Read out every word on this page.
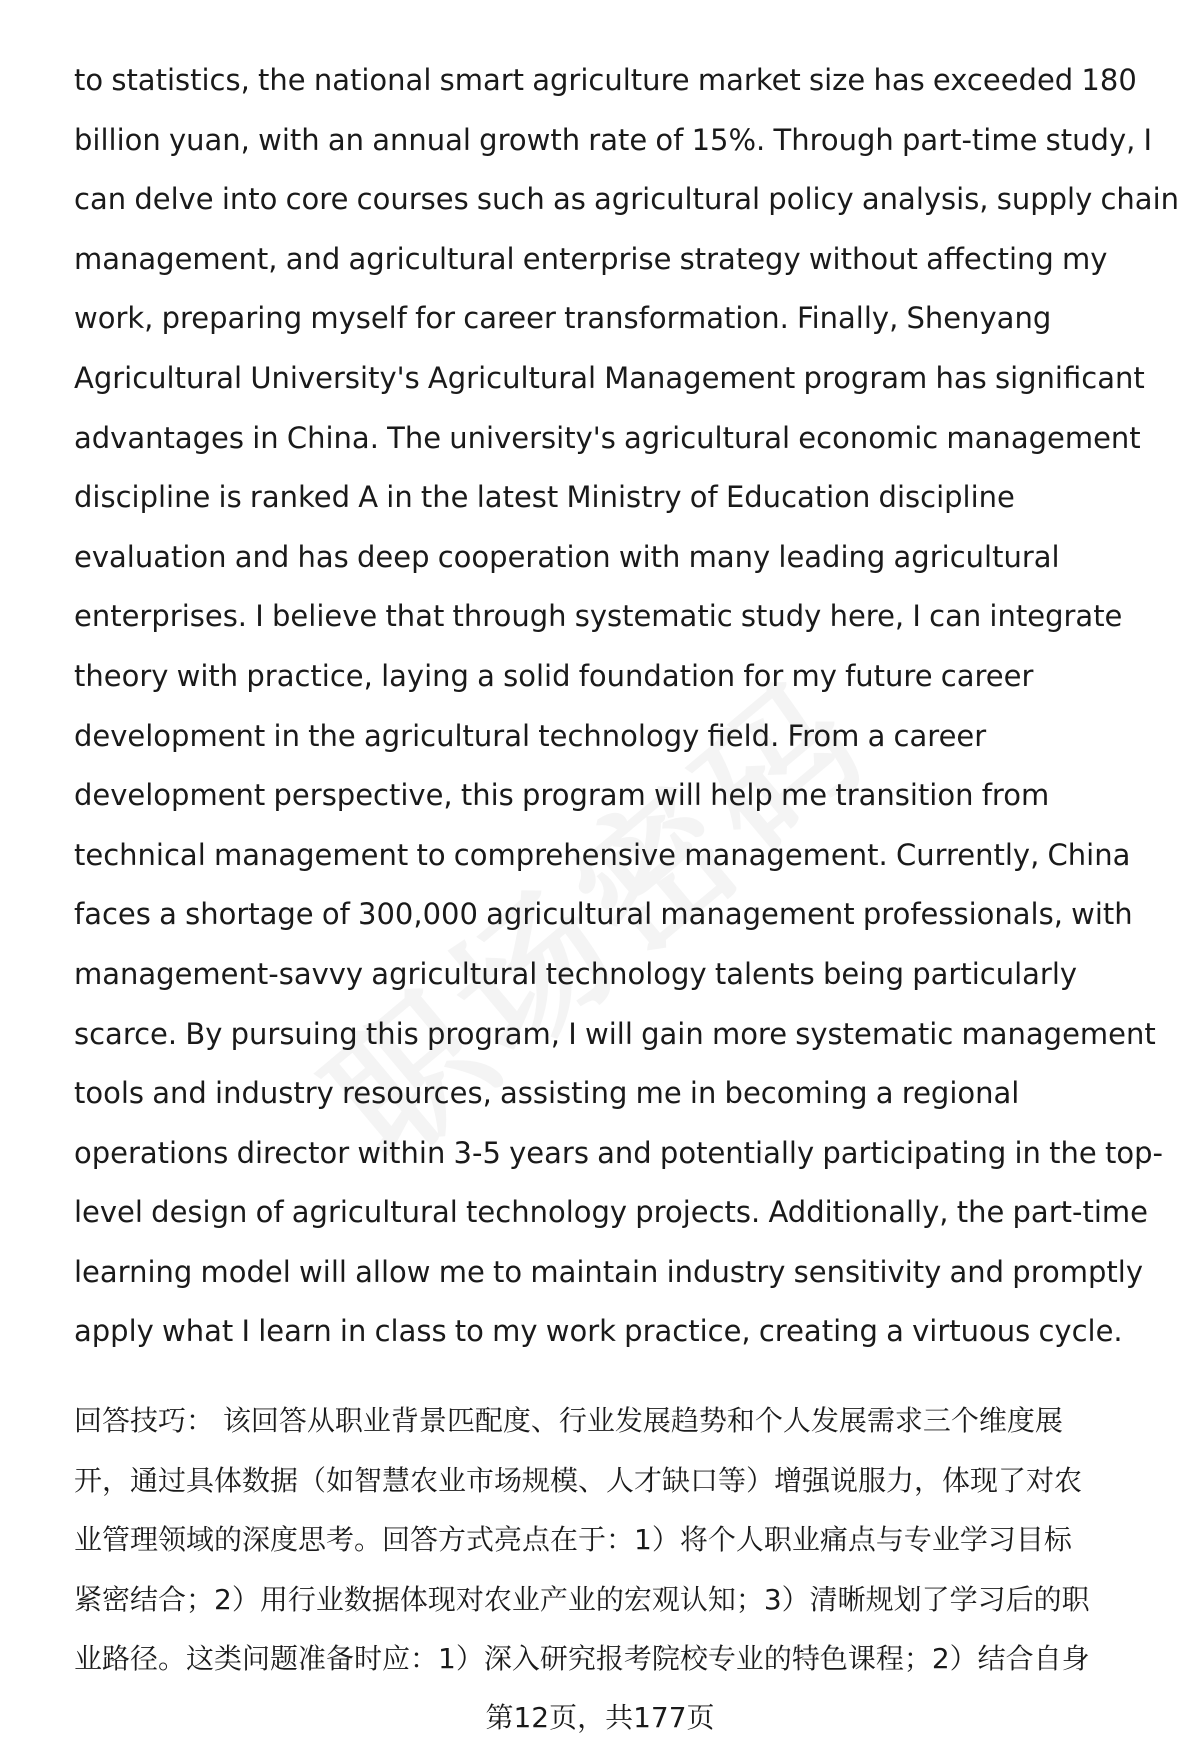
to statistics, the national smart agriculture market size has exceeded 180
billion yuan, with an annual growth rate of 15%. Through part-time study, I
can delve into core courses such as agricultural policy analysis, supply chain
management, and agricultural enterprise strategy without affecting my
work, preparing myself for career transformation. Finally, Shenyang
Agricultural University's Agricultural Management program has significant
advantages in China. The university's agricultural economic management
discipline is ranked A in the latest Ministry of Education discipline
evaluation and has deep cooperation with many leading agricultural
enterprises. I believe that through systematic study here, I can integrate
theory with practice, laying a solid foundation for my future career
development in the agricultural technology field. From a career
development perspective, this program will help me transition from
technical management to comprehensive management. Currently, China
faces a shortage of 300,000 agricultural management professionals, with
management-savvy agricultural technology talents being particularly
scarce. By pursuing this program, I will gain more systematic management
tools and industry resources, assisting me in becoming a regional
operations director within 3-5 years and potentially participating in the top-
level design of agricultural technology projects. Additionally, the part-time
learning model will allow me to maintain industry sensitivity and promptly
apply what I learn in class to my work practice, creating a virtuous cycle.
回答技巧： 该回答从职业背景匹配度、行业发展趋势和个人发展需求三个维度展
开，通过具体数据（如智慧农业市场规模、人才缺口等）增强说服力，体现了对农
业管理领域的深度思考。回答方式亮点在于：1）将个人职业痛点与专业学习目标
紧密结合；2）用行业数据体现对农业产业的宏观认知；3）清晰规划了学习后的职
业路径。这类问题准备时应：1）深入研究报考院校专业的特色课程；2）结合自身
第12页，共177页
